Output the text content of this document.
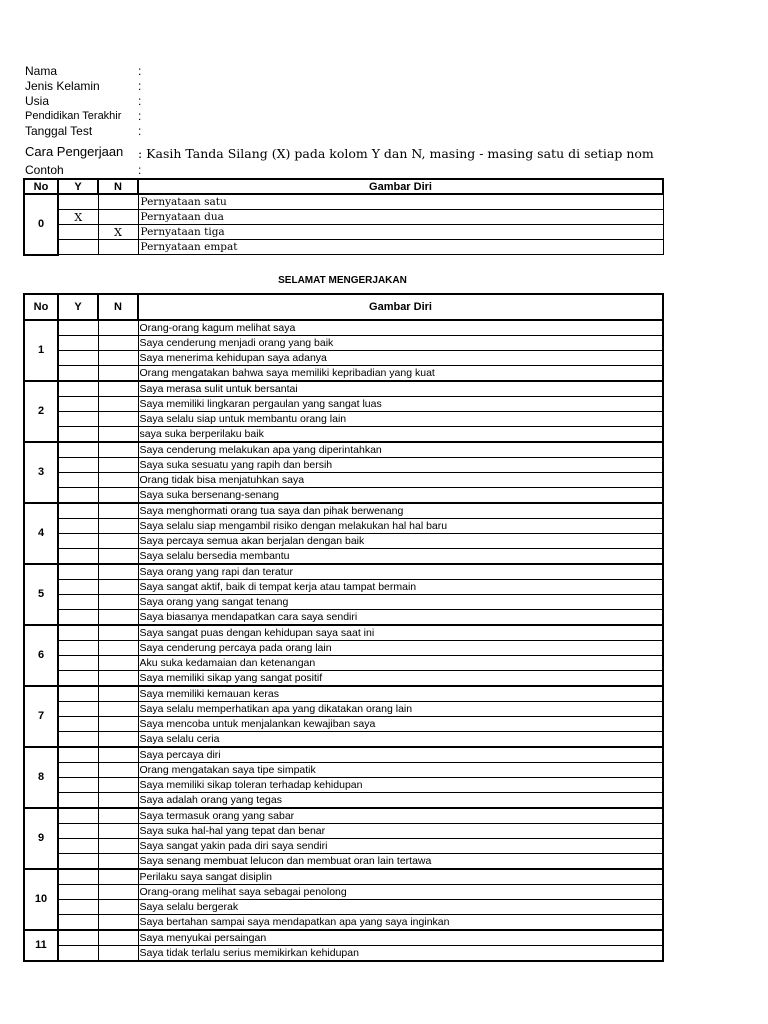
Nama	:
Jenis Kelamin	:
Usia	:
Pendidikan Terakhir :
Tanggal Test	:
Cara Pengerjaan : Kasih Tanda Silang (X) pada kolom Y dan N, masing - masing satu di setiap nom
Contoh	:
No	Y	N	Gambar Diri
0			Pernyataan satu
	X		Pernyataan dua
		X	Pernyataan tiga
			Pernyataan empat
SELAMAT MENGERJAKAN
No	Y	N	Gambar Diri
1			Orang-orang kagum melihat saya
			Saya cenderung menjadi orang yang baik
			Saya menerima kehidupan saya adanya
			Orang mengatakan bahwa saya memiliki kepribadian yang kuat
2			Saya merasa sulit untuk bersantai
			Saya memiliki lingkaran pergaulan yang sangat luas
			Saya selalu siap untuk membantu orang lain
			saya suka berperilaku baik
3			Saya cenderung melakukan apa yang diperintahkan
			Saya suka sesuatu yang rapih dan bersih
			Orang tidak bisa menjatuhkan saya
			Saya suka bersenang-senang
4			Saya menghormati orang tua saya dan pihak berwenang
			Saya selalu siap mengambil risiko dengan melakukan hal hal baru
			Saya percaya semua akan berjalan dengan baik
			Saya selalu bersedia membantu
5			Saya orang yang rapi dan teratur
			Saya sangat aktif, baik di tempat kerja atau tampat bermain
			Saya orang yang sangat tenang
			Saya biasanya mendapatkan cara saya sendiri
6			Saya sangat puas dengan kehidupan saya saat ini
			Saya cenderung percaya pada orang lain
			Aku suka kedamaian dan ketenangan
			Saya memiliki sikap yang sangat positif
7			Saya memiliki kemauan keras
			Saya selalu memperhatikan apa yang dikatakan orang lain
			Saya mencoba untuk menjalankan kewajiban saya
			Saya selalu ceria
8			Saya percaya diri
			Orang mengatakan saya tipe simpatik
			Saya memiliki sikap toleran terhadap kehidupan
			Saya adalah orang yang tegas
9			Saya termasuk orang yang sabar
			Saya suka hal-hal yang tepat dan benar
			Saya sangat yakin pada diri saya sendiri
			Saya senang membuat lelucon dan membuat oran lain tertawa
10			Perilaku saya sangat disiplin
			Orang-orang melihat saya sebagai penolong
			Saya selalu bergerak
			Saya bertahan sampai saya mendapatkan apa yang saya inginkan
11			Saya menyukai persaingan
			Saya tidak terlalu serius memikirkan kehidupan
